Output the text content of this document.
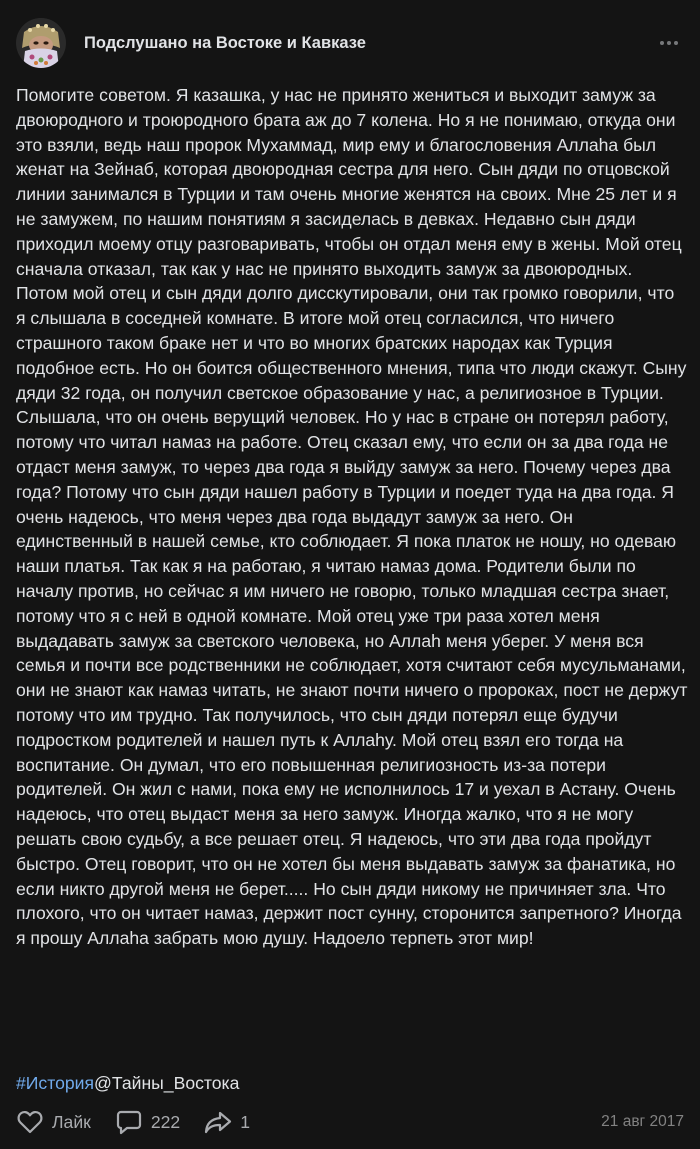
Подслушано на Востоке и Кавказе
Помогите советом. Я казашка, у нас не принято жениться и выходит замуж за двоюродного и троюродного брата аж до 7 колена. Но я не понимаю, откуда они это взяли, ведь наш пророк Мухаммад, мир ему и благословения Аллаhа был женат на Зейнаб, которая двоюродная сестра для него. Сын дяди по отцовской линии занимался в Турции и там очень многие женятся на своих. Мне 25 лет и я не замужем, по нашим понятиям я засиделась в девках. Недавно сын дяди приходил моему отцу разговаривать, чтобы он отдал меня ему в жены. Мой отец сначала отказал, так как у нас не принято выходить замуж за двоюродных. Потом мой отец и сын дяди долго дисскутировали, они так громко говорили, что я слышала в соседней комнате. В итоге мой отец согласился, что ничего страшного таком браке нет и что во многих братских народах как Турция подобное есть. Но он боится общественного мнения, типа что люди скажут. Сыну дяди 32 года, он получил светское образование у нас, а религиозное в Турции. Слышала, что он очень верущий человек. Но у нас в стране он потерял работу, потому что читал намаз на работе. Отец сказал ему, что если он за два года не отдаст меня замуж, то через два года я выйду замуж за него. Почему через два года? Потому что сын дяди нашел работу в Турции и поедет туда на два года. Я очень надеюсь, что меня через два года выдадут замуж за него. Он единственный в нашей семье, кто соблюдает. Я пока платок не ношу, но одеваю наши платья. Так как я на работаю, я читаю намаз дома. Родители были по началу против, но сейчас я им ничего не говорю, только младшая сестра знает, потому что я с ней в одной комнате. Мой отец уже три раза хотел меня выдадавать замуж за светского человека, но Аллаh меня уберег. У меня вся семья и почти все родственники не соблюдает, хотя считают себя мусульманами, они не знают как намаз читать, не знают почти ничего о пророках, пост не держут потому что им трудно. Так получилось, что сын дяди потерял еще будучи подростком родителей и нашел путь к Аллаhу. Мой отец взял его тогда на воспитание. Он думал, что его повышенная религиозность из-за потери родителей. Он жил с нами, пока ему не исполнилось 17 и уехал в Астану. Очень надеюсь, что отец выдаст меня за него замуж. Иногда жалко, что я не могу решать свою судьбу, а все решает отец. Я надеюсь, что эти два года пройдут быстро. Отец говорит, что он не хотел бы меня выдавать замуж за фанатика, но если никто другой меня не берет..... Но сын дяди никому не причиняет зла. Что плохого, что он читает намаз, держит пост сунну, сторонится запретного? Иногда я прошу Аллаhа забрать мою душу. Надоело терпеть этот мир!
#История@Тайны_Востока
Лайк	222	1	21 авг 2017
